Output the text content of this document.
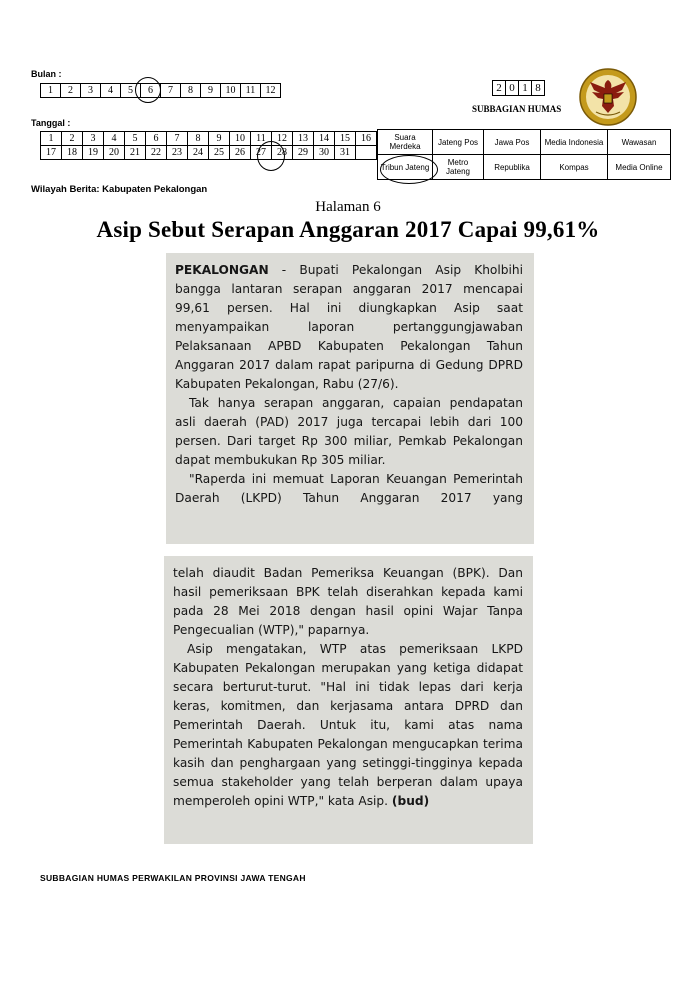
Bulan :
1	2	3	4	5	6	7	8	9	10	11	12
Tanggal :
1	2	3	4	5	6	7	8	9	10	11	12	13	14	15	16
17	18	19	20	21	22	23	24	25	26	27	28	29	30	31	
Wilayah Berita: Kabupaten Pekalongan
2	0	1	8
SUBBAGIAN HUMAS
Suara Merdeka	Jateng Pos	Jawa Pos	Media Indonesia	Wawasan
Tribun Jateng	Metro Jateng	Republika	Kompas	Media Online
Halaman 6
Asip Sebut Serapan Anggaran 2017 Capai 99,61%

PEKALONGAN - Bupati Pekalongan Asip Kholbihi bangga lantaran serapan anggaran 2017 mencapai 99,61 persen. Hal ini diungkapkan Asip saat menyampaikan laporan pertanggungjawaban Pelaksanaan APBD Kabupaten Pekalongan Tahun Anggaran 2017 dalam rapat paripurna di Gedung DPRD Kabupaten Pekalongan, Rabu (27/6).

Tak hanya serapan anggaran, capaian pendapatan asli daerah (PAD) 2017 juga tercapai lebih dari 100 persen. Dari target Rp 300 miliar, Pemkab Pekalongan dapat membukukan Rp 305 miliar.

"Raperda ini memuat Laporan Keuangan Pemerintah Daerah (LKPD) Tahun Anggaran 2017 yang

telah diaudit Badan Pemeriksa Keuangan (BPK). Dan hasil pemeriksaan BPK telah diserahkan kepada kami pada 28 Mei 2018 dengan hasil opini Wajar Tanpa Pengecualian (WTP)," paparnya.

Asip mengatakan, WTP atas pemeriksaan LKPD Kabupaten Pekalongan merupakan yang ketiga didapat secara berturut-turut. "Hal ini tidak lepas dari kerja keras, komitmen, dan kerjasama antara DPRD dan Pemerintah Daerah. Untuk itu, kami atas nama Pemerintah Kabupaten Pekalongan mengucapkan terima kasih dan penghargaan yang setinggi-tingginya kepada semua stakeholder yang telah berperan dalam upaya memperoleh opini WTP," kata Asip. (bud)

SUBBAGIAN HUMAS PERWAKILAN PROVINSI JAWA TENGAH
